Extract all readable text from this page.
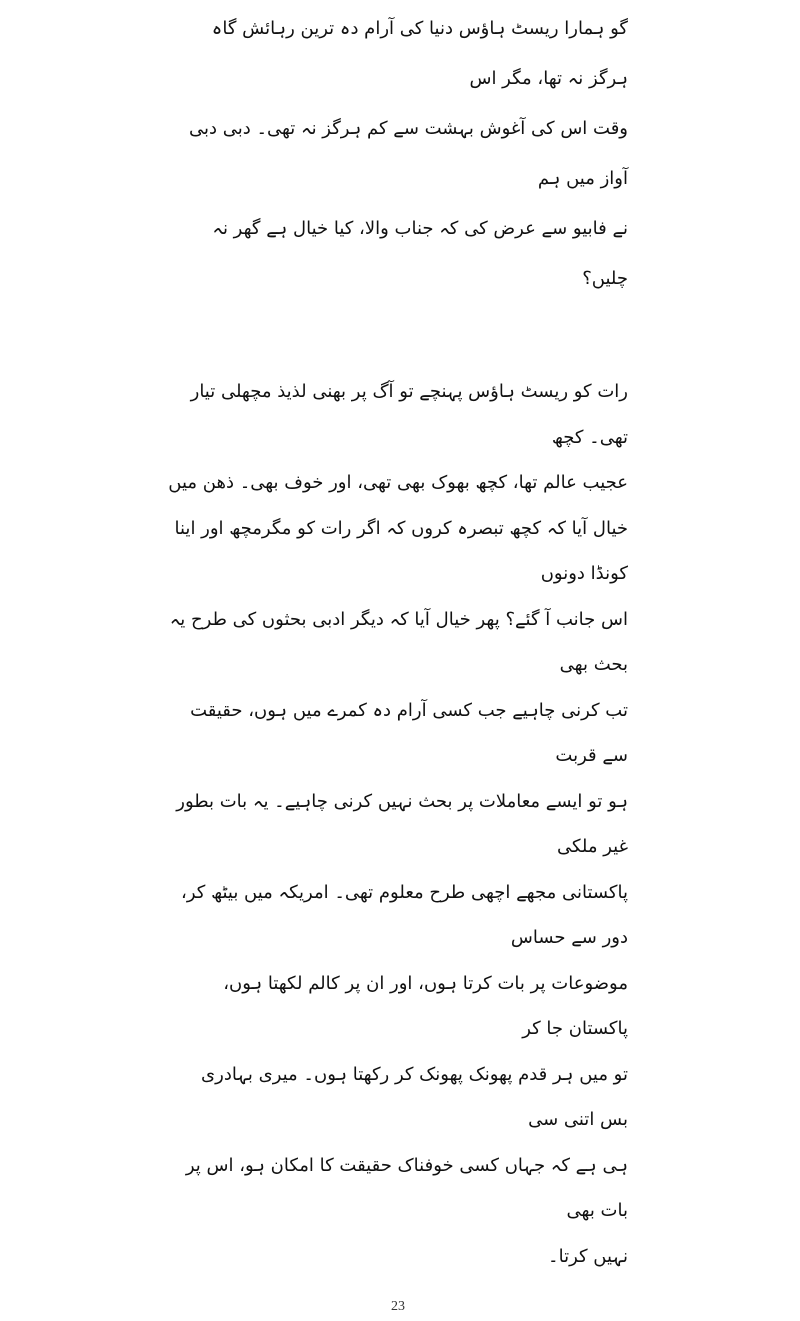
گو ہمارا ریسٹ ہاؤس دنیا کی آرام دہ ترین رہائش گاہ ہرگز نہ تھا، مگر اس
وقت اس کی آغوش بہشت سے کم ہرگز نہ تھی۔ دبی دبی آواز میں ہم
نے فابیو سے عرض کی کہ جناب والا، کیا خیال ہے گھر نہ چلیں؟
رات کو ریسٹ ہاؤس پہنچے تو آگ پر بھنی لذیذ مچھلی تیار تھی۔ کچھ
عجیب عالم تھا، کچھ بھوک بھی تھی، اور خوف بھی۔ ذھن میں
خیال آیا کہ کچھ تبصرہ کروں کہ اگر رات کو مگرمچھ اور اینا کونڈا دونوں
اس جانب آ گئے؟ پھر خیال آیا کہ دیگر ادبی بحثوں کی طرح یہ بحث بھی
تب کرنی چاہیے جب کسی آرام دہ کمرے میں ہوں، حقیقت سے قربت
ہو تو ایسے معاملات پر بحث نہیں کرنی چاہیے۔ یہ بات بطور غیر ملکی
پاکستانی مجھے اچھی طرح معلوم تھی۔ امریکہ میں بیٹھ کر، دور سے حساس
موضوعات پر بات کرتا ہوں، اور ان پر کالم لکھتا ہوں، پاکستان جا کر
تو میں ہر قدم پھونک پھونک کر رکھتا ہوں۔ میری بہادری بس اتنی سی
ہی ہے کہ جہاں کسی خوفناک حقیقت کا امکان ہو، اس پر بات بھی
نہیں کرتا۔
23
